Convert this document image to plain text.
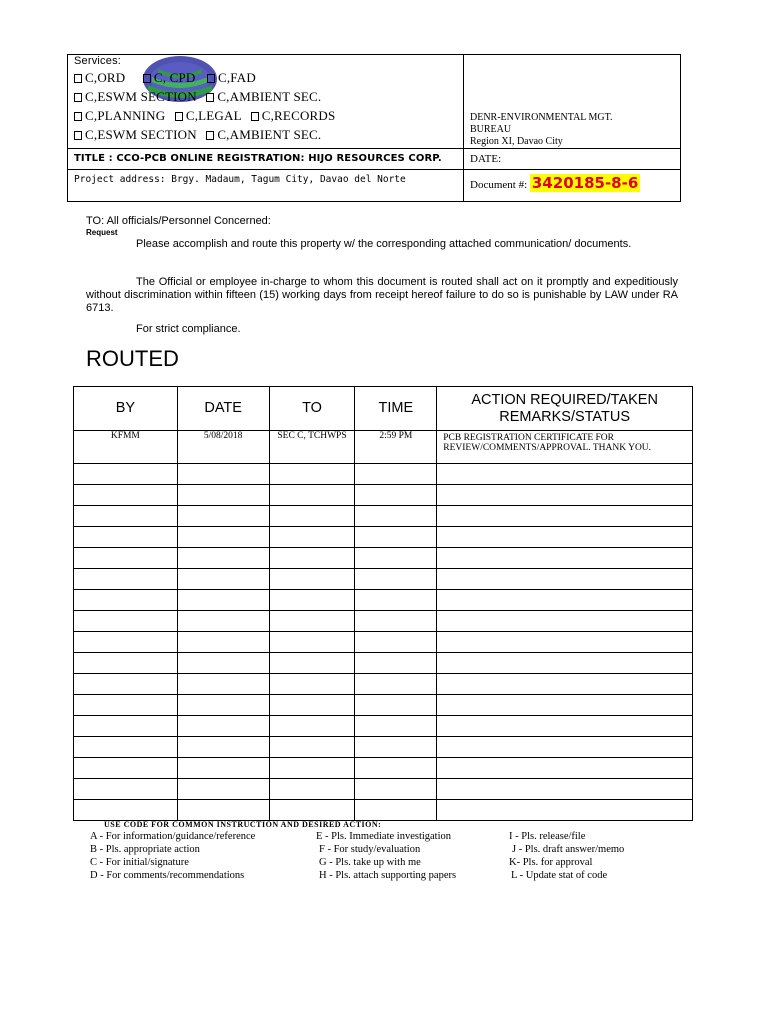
Services:
C,ORD C, CPD C,FAD
C,ESWM SECTION C,AMBIENT SEC.
C,PLANNING C,LEGAL C,RECORDS
C,ESWM SECTION C,AMBIENT SEC.
DENR-ENVIRONMENTAL MGT.
BUREAU
Region XI, Davao City
TITLE : CCO-PCB ONLINE REGISTRATION: HIJO RESOURCES CORP.	DATE:
Project address: Brgy. Madaum, Tagum City, Davao del Norte	Document #: 3420185-8-6
TO: All officials/Personnel Concerned:
Request
Please accomplish and route this property w/ the corresponding attached communication/ documents.
The Official or employee in-charge to whom this document is routed shall act on it promptly and expeditiously without discrimination within fifteen (15) working days from receipt hereof failure to do so is punishable by LAW under RA 6713.
For strict compliance.
ROUTED
BY	DATE	TO	TIME	ACTION REQUIRED/TAKEN REMARKS/STATUS
KFMM	5/08/2018	SEC C, TCHWPS	2:59 PM	PCB REGISTRATION CERTIFICATE FOR REVIEW/COMMENTS/APPROVAL. THANK YOU.

USE CODE FOR COMMON INSTRUCTION AND DESIRED ACTION:
A - For information/guidance/reference
B - Pls. appropriate action
C - For initial/signature
D - For comments/recommendations
E - Pls. Immediate investigation
F - For study/evaluation
G - Pls. take up with me
H - Pls. attach supporting papers
I - Pls. release/file
J - Pls. draft answer/memo
K- Pls. for approval
L - Update stat of code
